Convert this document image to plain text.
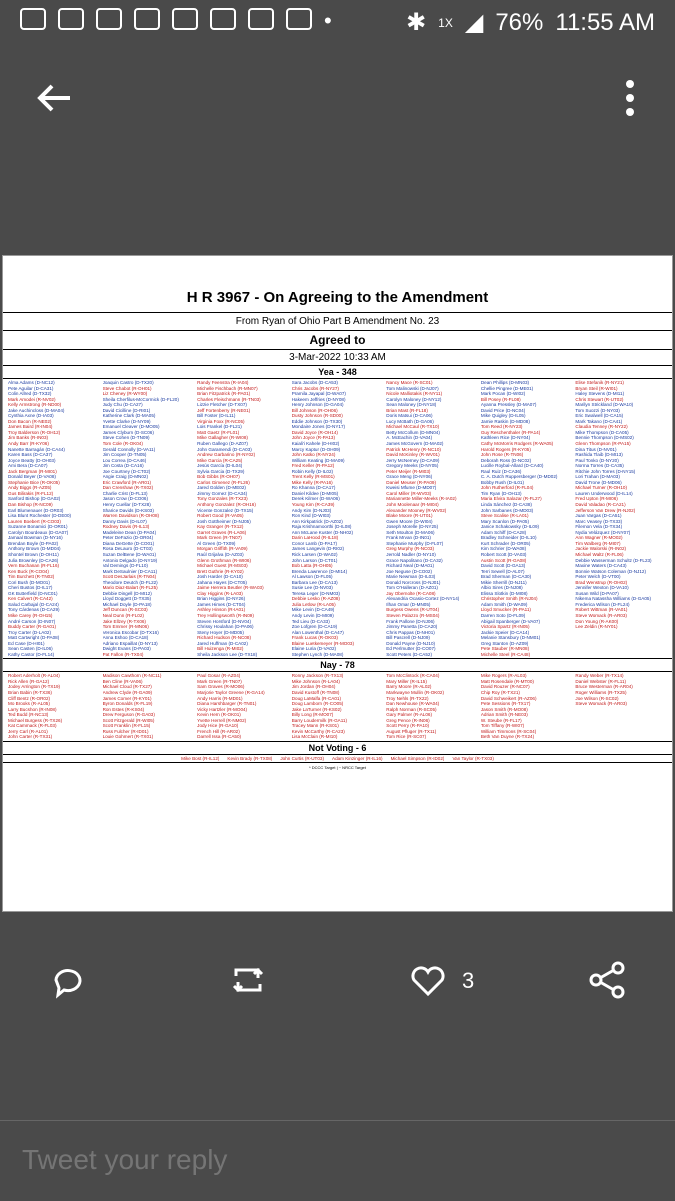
•	✱ 1X ◢ 76% 11:55 AM
H R 3967 - On Agreeing to the Amendment
From Ryan of Ohio Part B Amendment No. 23
Agreed to
3-Mar-2022 10:33 AM
Yea - 348
Alma Adams (D-NC12)	Joaquin Castro (D-TX20)	Randy Feenstra (R-IA04)	Sara Jacobs (D-CA53)	Nancy Mace (R-SC01)	Dean Phillips (D-MN03)	Elise Stefanik (R-NY21)
Pete Aguilar (D-CA31)	Steve Chabot (R-OH01)	Michelle Fischbach (R-MN07)	Chris Jacobs (R-NY27)	Tom Malinowski (D-NJ07)	Chellie Pingree (D-ME01)	Bryan Steil (R-WI01)
Colin Allred (D-TX32)	Liz Cheney (R-WY00)	Brian Fitzpatrick (R-PA01)	Pramila Jayapal (D-WA07)	Nicole Malliotakis (R-NY11)	Mark Pocan (D-WI02)	Haley Stevens (D-MI11)
Mark Amodei (R-NV02)	Sheila Cherfilus-McCormick (D-FL20)	Charles Fleischmann (R-TN03)	Hakeem Jeffries (D-NY08)	Carolyn Maloney (D-NY12)	Bill Posey (R-FL08)	Chris Stewart (R-UT02)
Kelly Armstrong (R-ND00)	Judy Chu (D-CA27)	Lizzie Fletcher (D-TX07)	Henry Johnson (D-GA04)	Sean Maloney (D-NY18)	Ayanna Pressley (D-MA07)	Marilyn Strickland (D-WA10)
Jake Auchincloss (D-MA04)	David Cicilline (D-RI01)	Jeff Fortenberry (R-NE01)	Bill Johnson (R-OH06)	Brian Mast (R-FL18)	David Price (D-NC04)	Tom Suozzi (D-NY03)
Cynthia Axne (D-IA03)	Katherine Clark (D-MA05)	Bill Foster (D-IL11)	Dusty Johnson (R-SD00)	Doris Matsui (D-CA06)	Mike Quigley (D-IL05)	Eric Swalwell (D-CA15)
Don Bacon (R-NE02)	Yvette Clarke (D-NY09)	Virginia Foxx (R-NC05)	Eddie Johnson (D-TX30)	Lucy McBath (D-GA06)	Jamie Raskin (D-MD08)	Mark Takano (D-CA41)
James Baird (R-IN04)	Emanuel Cleaver (D-MO05)	Lois Frankel (D-FL21)	Mondaire Jones (D-NY17)	Michael McCaul (R-TX10)	Tom Reed (R-NY23)	Claudia Tenney (R-NY22)
Troy Balderson (R-OH12)	James Clyburn (D-SC06)	Matt Gaetz (R-FL01)	David Joyce (R-OH14)	Betty McCollum (D-MN04)	Guy Reschenthaler (R-PA14)	Mike Thompson (D-CA05)
Jim Banks (R-IN03)	Steve Cohen (D-TN09)	Mike Gallagher (R-WI08)	John Joyce (R-PA13)	A. McEachin (D-VA04)	Kathleen Rice (D-NY04)	Bennie Thompson (D-MS02)
Andy Barr (R-KY06)	Tom Cole (R-OK04)	Ruben Gallego (D-AZ07)	Kaiali'i Kahele (D-HI02)	James McGovern (D-MA02)	Cathy McMorris Rodgers (R-WA05)	Glenn Thompson (R-PA15)
Nanette Barragán (D-CA44)	Gerald Connolly (D-VA11)	John Garamendi (D-CA03)	Marcy Kaptur (D-OH09)	Patrick McHenry (R-NC10)	Harold Rogers (R-KY05)	Dina Titus (D-NV01)
Karen Bass (D-CA37)	Jim Cooper (D-TN05)	Andrew Garbarino (R-NY02)	John Katko (R-NY24)	David McKinley (R-WV01)	John Rose (R-TN06)	Rashida Tlaib (D-MI13)
Joyce Beatty (D-OH03)	Lou Correa (D-CA46)	Mike Garcia (R-CA25)	William Keating (D-MA09)	Jerry McNerney (D-CA09)	Deborah Ross (D-NC02)	Paul Tonko (D-NY20)
Ami Bera (D-CA07)	Jim Costa (D-CA16)	Jesús García (D-IL04)	Fred Keller (R-PA12)	Gregory Meeks (D-NY05)	Lucille Roybal-Allard (D-CA40)	Norma Torres (D-CA35)
Jack Bergman (R-MI01)	Joe Courtney (D-CT02)	Sylvia Garcia (D-TX29)	Robin Kelly (D-IL02)	Peter Meijer (R-MI03)	Raul Ruiz (D-CA36)	Ritchie John Torres (D-NY15)
Donald Beyer (D-VA08)	Angie Craig (D-MN02)	Bob Gibbs (R-OH07)	Trent Kelly (R-MS01)	Grace Meng (D-NY06)	C. A. Dutch Ruppersberger (D-MD02)	Lori Trahan (D-MA03)
Stephanie Bice (R-OK05)	Eric Crawford (R-AR01)	Carlos Gimenez (R-FL26)	Mike Kelly (R-PA16)	Daniel Meuser (R-PA09)	Bobby Rush (D-IL01)	David Trone (D-MD06)
Andy Biggs (R-AZ05)	Dan Crenshaw (R-TX02)	Jared Golden (D-ME02)	Ro Khanna (D-CA17)	Kweisi Mfume (D-MD07)	John Rutherford (R-FL04)	Michael Turner (R-OH10)
Gus Bilirakis (R-FL12)	Charlie Crist (D-FL13)	Jimmy Gomez (D-CA34)	Daniel Kildee (D-MI05)	Carol Miller (R-WV03)	Tim Ryan (D-OH13)	Lauren Underwood (D-IL14)
Sanford Bishop (D-GA02)	Jason Crow (D-CO06)	Tony Gonzales (R-TX23)	Derek Kilmer (D-WA06)	Mariannette Miller-Meeks (R-IA02)	Maria Elvira Salazar (R-FL27)	Fred Upton (R-MI06)
Dan Bishop (R-NC09)	Henry Cuellar (D-TX28)	Anthony Gonzalez (R-OH16)	Young Kim (R-CA39)	John Moolenaar (R-MI04)	Linda Sánchez (D-CA38)	David Valadao (R-CA21)
Earl Blumenauer (D-OR03)	Sharice Davids (D-KS03)	Vicente Gonzalez (D-TX15)	Andy Kim (D-NJ03)	Alexander Mooney (R-WV02)	John Sarbanes (D-MD03)	Jefferson Van Drew (R-NJ02)
Lisa Blunt Rochester (D-DE00)	Warren Davidson (R-OH08)	Robert Good (R-VA05)	Ron Kind (D-WI03)	Blake Moore (R-UT01)	Steve Scalise (R-LA01)	Juan Vargas (D-CA51)
Lauren Boebert (R-CO03)	Danny Davis (D-IL07)	Josh Gottheimer (D-NJ05)	Ann Kirkpatrick (D-AZ02)	Gwen Moore (D-WI04)	Mary Scanlon (D-PA05)	Marc Veasey (D-TX33)
Suzanne Bonamici (D-OR01)	Rodney Davis (R-IL13)	Kay Granger (R-TX12)	Raja Krishnamoorthi (D-IL08)	Joseph Morelle (D-NY25)	Janice Schakowsky (D-IL09)	Filemon Vela (D-TX34)
Carolyn Bourdeaux (D-GA07)	Madeleine Dean (D-PA04)	Garret Graves (R-LA06)	Ann McLane Kuster (D-NH02)	Seth Moulton (D-MA06)	Adam Schiff (D-CA28)	Nydia Velázquez (D-NY07)
Jamaal Bowman (D-NY16)	Peter DeFazio (D-OR04)	Mark Green (R-TN07)	Darin LaHood (R-IL18)	Frank Mrvan (D-IN01)	Bradley Schneider (D-IL10)	Ann Wagner (R-MO02)
Brendan Boyle (D-PA02)	Diana DeGette (D-CO01)	Al Green (D-TX09)	Conor Lamb (D-PA17)	Stephanie Murphy (D-FL07)	Kurt Schrader (D-OR05)	Tim Walberg (R-MI07)
Anthony Brown (D-MD04)	Rosa DeLauro (D-CT03)	Morgan Griffith (R-VA09)	James Langevin (D-RI02)	Greg Murphy (R-NC03)	Kim Schrier (D-WA08)	Jackie Walorski (R-IN02)
Shontel Brown (D-OH11)	Suzan DelBene (D-WA01)	Raúl Grijalva (D-AZ03)	Rick Larsen (D-WA02)	Jerrold Nadler (D-NY10)	Robert Scott (D-VA03)	Michael Waltz (R-FL06)
Julia Brownley (D-CA26)	Antonio Delgado (D-NY19)	Glenn Grothman (R-WI06)	John Larson (D-CT01)	Grace Napolitano (D-CA32)	Austin Scott (R-GA08)	Debbie Wasserman Schultz (D-FL23)
Vern Buchanan (R-FL16)	Val Demings (D-FL10)	Michael Guest (R-MS03)	Bob Latta (R-OH05)	Richard Neal (D-MA01)	David Scott (D-GA13)	Maxine Waters (D-CA43)
Ken Buck (R-CO04)	Mark DeSaulnier (D-CA11)	Brett Guthrie (R-KY02)	Brenda Lawrence (D-MI14)	Joe Neguse (D-CO02)	Terri Sewell (D-AL07)	Bonnie Watson Coleman (D-NJ12)
Tim Burchett (R-TN02)	Scott DesJarlais (R-TN04)	Josh Harder (D-CA10)	Al Lawson (D-FL05)	Marie Newman (D-IL03)	Brad Sherman (D-CA30)	Peter Welch (D-VT00)
Cori Bush (D-MO01)	Theodore Deutch (D-FL22)	Jahana Hayes (D-CT05)	Barbara Lee (D-CA13)	Donald Norcross (D-NJ01)	Mikie Sherrill (D-NJ11)	Brad Wenstrup (R-OH02)
Cheri Bustos (D-IL17)	Mario Diaz-Balart (R-FL25)	Jaime Herrera Beutler (R-WA03)	Susie Lee (D-NV03)	Tom O'Halleran (D-AZ01)	Albio Sires (D-NJ08)	Jennifer Wexton (D-VA10)
GK Butterfield (D-NC01)	Debbie Dingell (D-MI12)	Clay Higgins (R-LA03)	Teresa Leger (D-NM03)	Jay Obernolte (R-CA08)	Elissa Slotkin (D-MI08)	Susan Wild (D-PA07)
Ken Calvert (R-CA42)	Lloyd Doggett (D-TX35)	Brian Higgins (D-NY26)	Debbie Lesko (R-AZ08)	Alexandria Ocasio-Cortez (D-NY14)	Christopher Smith (R-NJ04)	Nikema Natassha Williams (D-GA05)
Salud Carbajal (D-CA24)	Michael Doyle (D-PA18)	James Himes (D-CT04)	Julia Letlow (R-LA05)	Ilhan Omar (D-MN05)	Adam Smith (D-WA09)	Frederica Wilson (D-FL24)
Tony Cárdenas (D-CA29)	Jeff Duncan (R-SC03)	Ashley Hinson (R-IA01)	Mike Levin (D-CA49)	Burgess Owens (R-UT04)	Lloyd Smucker (R-PA11)	Robert Wittman (R-VA01)
Mike Carey (R-OH15)	Neal Dunn (R-FL02)	Trey Hollingsworth (R-IN09)	Andy Levin (D-MI09)	Steven Palazzo (R-MS04)	Darren Soto (D-FL09)	Steve Womack (R-AR03)
André Carson (D-IN07)	Jake Ellzey (R-TX06)	Steven Horsford (D-NV04)	Ted Lieu (D-CA33)	Frank Pallone (D-NJ06)	Abigail Spanberger (D-VA07)	Don Young (R-AK00)
Buddy Carter (R-GA01)	Tom Emmer (R-MN06)	Chrissy Houlahan (D-PA06)	Zoe Lofgren (D-CA19)	Jimmy Panetta (D-CA20)	Victoria Spartz (R-IN05)	Lee Zeldin (R-NY01)
Troy Carter (D-LA02)	Veronica Escobar (D-TX16)	Steny Hoyer (D-MD05)	Alan Lowenthal (D-CA47)	Chris Pappas (D-NH01)	Jackie Speier (D-CA14)
Matt Cartwright (D-PA08)	Anna Eshoo (D-CA18)	Richard Hudson (R-NC08)	Frank Lucas (R-OK03)	Bill Pascrell (D-NJ09)	Melanie Stansbury (D-NM01)
Ed Case (D-HI01)	Adriano Espaillat (D-NY13)	Jared Huffman (D-CA02)	Blaine Luetkemeyer (R-MO03)	Donald Payne (D-NJ10)	Greg Stanton (D-AZ09)
Sean Casten (D-IL06)	Dwight Evans (D-PA03)	Bill Huizenga (R-MI02)	Elaine Luria (D-VA02)	Ed Perlmutter (D-CO07)	Pete Stauber (R-MN08)
Kathy Castor (D-FL14)	Pat Fallon (R-TX04)	Sheila Jackson Lee (D-TX18)	Stephen Lynch (D-MA08)	Scott Peters (D-CA52)	Michelle Steel (R-CA48)
Nay - 78
Robert Aderholt (R-AL04)	Madison Cawthorn (R-NC11)	Paul Gosar (R-AZ04)	Ronny Jackson (R-TX13)	Tom McClintock (R-CA04)	Mike Rogers (R-AL03)	Randy Weber (R-TX14)
Rick Allen (R-GA12)	Ben Cline (R-VA06)	Mark Green (R-TN07)	Mike Johnson (R-LA04)	Mary Miller (R-IL15)	Matt Rosendale (R-MT00)	Daniel Webster (R-FL11)
Jodey Arrington (R-TX19)	Michael Cloud (R-TX27)	Sam Graves (R-MO06)	Jim Jordan (R-OH04)	Barry Moore (R-AL02)	David Rouzer (R-NC07)	Bruce Westerman (R-AR04)
Brian Babin (R-TX36)	Andrew Clyde (R-GA09)	Marjorie Taylor Greene (R-GA14)	David Kustoff (R-TN08)	Markwayne Mullin (R-OK02)	Chip Roy (R-TX21)	Roger Williams (R-TX25)
Cliff Bentz (R-OR02)	James Comer (R-KY01)	Andy Harris (R-MD01)	Doug LaMalfa (R-CA01)	Troy Nehls (R-TX22)	David Schweikert (R-AZ06)	Joe Wilson (R-SC02)
Mo Brooks (R-AL05)	Byron Donalds (R-FL19)	Diana Harshbarger (R-TN01)	Doug Lamborn (R-CO05)	Dan Newhouse (R-WA04)	Pete Sessions (R-TX17)	Steve Womack (R-AR03)
Larry Bucshon (R-IN08)	Ron Estes (R-KS04)	Vicky Hartzler (R-MO04)	Jake LaTurner (R-KS02)	Ralph Norman (R-SC05)	Jason Smith (R-MO08)
Ted Budd (R-NC13)	Drew Ferguson (R-GA03)	Kevin Hern (R-OK01)	Billy Long (R-MO07)	Gary Palmer (R-AL06)	Adrian Smith (R-NE03)
Michael Burgess (R-TX26)	Scott Fitzgerald (R-WI05)	Yvette Herrell (R-NM02)	Barry Loudermilk (R-GA11)	Greg Pence (R-IN06)	W. Steube (R-FL17)
Kat Cammack (R-FL03)	Scott Franklin (R-FL15)	Jody Hice (R-GA10)	Tracey Mann (R-KS01)	Scott Perry (R-PA10)	Tom Tiffany (R-WI07)
Jerry Carl (R-AL01)	Russ Fulcher (R-ID01)	French Hill (R-AR02)	Kevin McCarthy (R-CA23)	August Pfluger (R-TX11)	William Timmons (R-SC04)
John Carter (R-TX31)	Louie Gohmert (R-TX01)	Darrell Issa (R-CA50)	Lisa McClain (R-MI10)	Tom Rice (R-SC07)	Beth Van Duyne (R-TX24)
Not Voting - 6
Mike Bost (R-IL12) Kevin Brady (R-TX08) John Curtis (R-UT03) Adam Kinzinger (R-IL16) Michael Simpson (R-ID02) Van Taylor (R-TX03)
* DCCC Target | ~ NRCC Target
3
Tweet your reply
